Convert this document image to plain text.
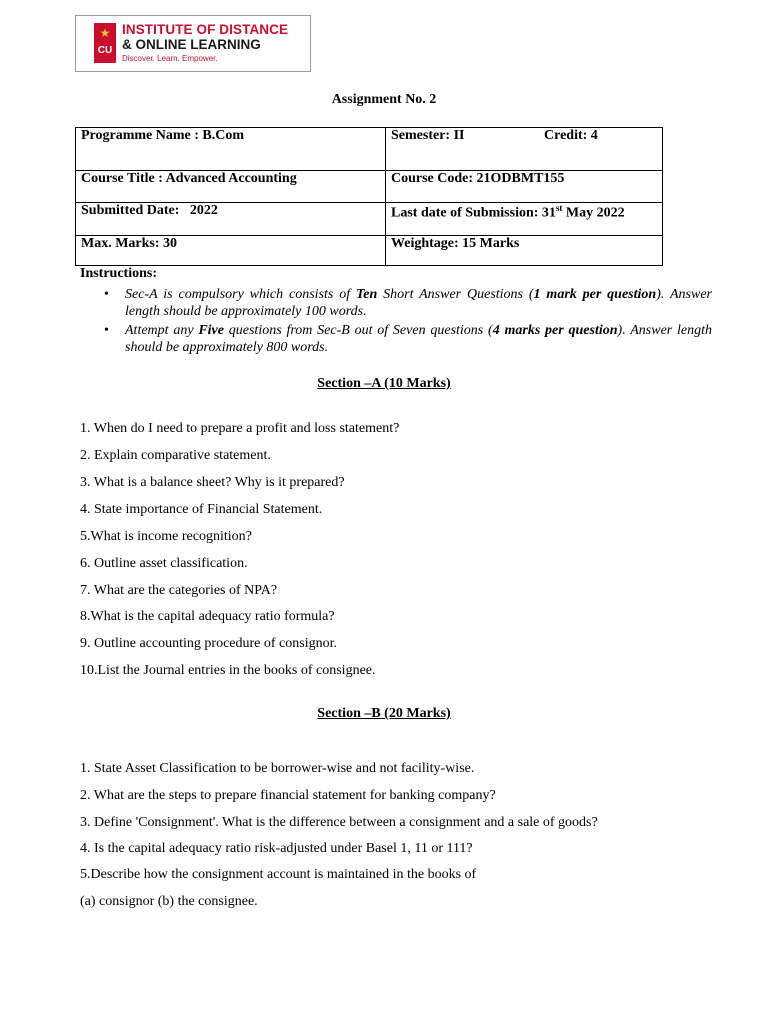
★
CU
INSTITUTE OF DISTANCE
& ONLINE LEARNING
Discover. Learn. Empower.
Assignment No. 2
Programme Name : B.Com	Semester: II Credit: 4

Course Title : Advanced Accounting	Course Code: 21ODBMT155
Submitted Date:   2022	Last date of Submission: 31st May 2022
Max. Marks: 30	Weightage: 15 Marks
Instructions:
• Sec-A is compulsory which consists of Ten Short Answer Questions (1 mark per question). Answer length should be approximately 100 words.
• Attempt any Five questions from Sec-B out of Seven questions (4 marks per question). Answer length should be approximately 800 words.
Section –A (10 Marks)
1. When do I need to prepare a profit and loss statement?
2. Explain comparative statement.
3. What is a balance sheet? Why is it prepared?
4. State importance of Financial Statement.
5.What is income recognition?
6. Outline asset classification.
7. What are the categories of NPA?
8.What is the capital adequacy ratio formula?
9. Outline accounting procedure of consignor.
10.List the Journal entries in the books of consignee.
Section –B (20 Marks)
1. State Asset Classification to be borrower-wise and not facility-wise.
2. What are the steps to prepare financial statement for banking company?
3. Define 'Consignment'. What is the difference between a consignment and a sale of goods?
4. Is the capital adequacy ratio risk-adjusted under Basel 1, 11 or 111?
5.Describe how the consignment account is maintained in the books of
(a) consignor (b) the consignee.
